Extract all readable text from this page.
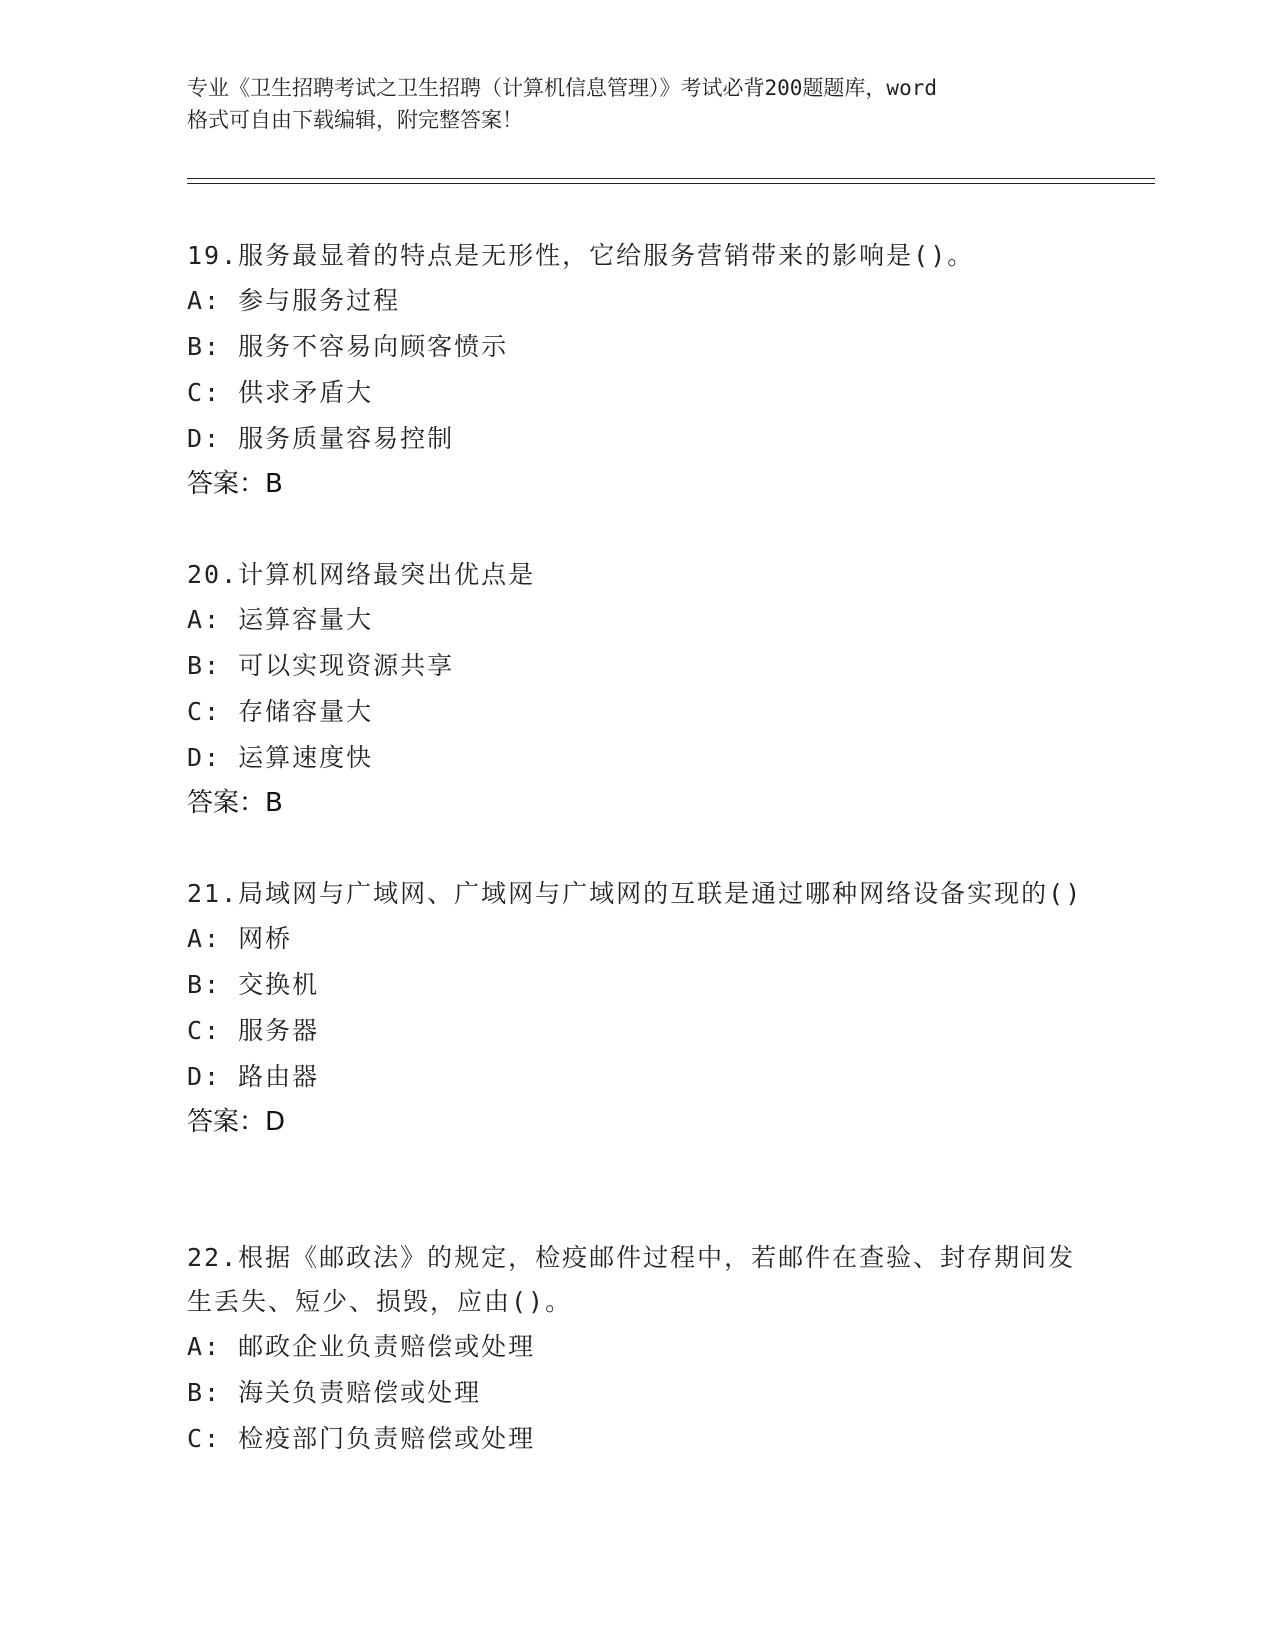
专业《卫生招聘考试之卫生招聘（计算机信息管理）》考试必背200题题库，word
格式可自由下载编辑，附完整答案！
19.服务最显着的特点是无形性，它给服务营销带来的影响是()。
A: 参与服务过程
B: 服务不容易向顾客愤示
C: 供求矛盾大
D: 服务质量容易控制
答案：B
20.计算机网络最突出优点是
A: 运算容量大
B: 可以实现资源共享
C: 存储容量大
D: 运算速度快
答案：B
21.局域网与广域网、广域网与广域网的互联是通过哪种网络设备实现的()
A: 网桥
B: 交换机
C: 服务器
D: 路由器
答案：D
22.根据《邮政法》的规定，检疫邮件过程中，若邮件在查验、封存期间发生丢失、短少、损毁，应由()。
A: 邮政企业负责赔偿或处理
B: 海关负责赔偿或处理
C: 检疫部门负责赔偿或处理
